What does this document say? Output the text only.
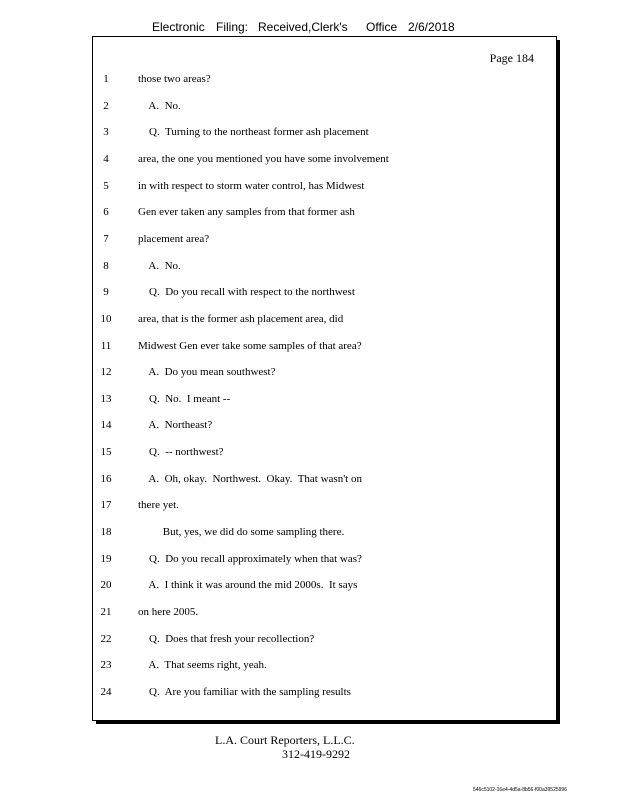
Electronic Filing: Received,Clerk's Office 2/6/2018
Page 184
1	those two areas?
2	A.  No.
3	Q.  Turning to the northeast former ash placement
4	area, the one you mentioned you have some involvement
5	in with respect to storm water control, has Midwest
6	Gen ever taken any samples from that former ash
7	placement area?
8	A.  No.
9	Q.  Do you recall with respect to the northwest
10 area, that is the former ash placement area, did
11 Midwest Gen ever take some samples of that area?
12 A.  Do you mean southwest?
13 Q.  No.  I meant --
14 A.  Northeast?
15 Q.  -- northwest?
16 A.  Oh, okay.  Northwest.  Okay.  That wasn't on
17 there yet.
18 But, yes, we did do some sampling there.
19 Q.  Do you recall approximately when that was?
20 A.  I think it was around the mid 2000s.  It says
21 on here 2005.
22 Q.  Does that fresh your recollection?
23 A.  That seems right, yeah.
24 Q.  Are you familiar with the sampling results
L.A. Court Reporters, L.L.C.
312-419-9292
546c5102-16e4-4d5a-8b56-f00a39525996
